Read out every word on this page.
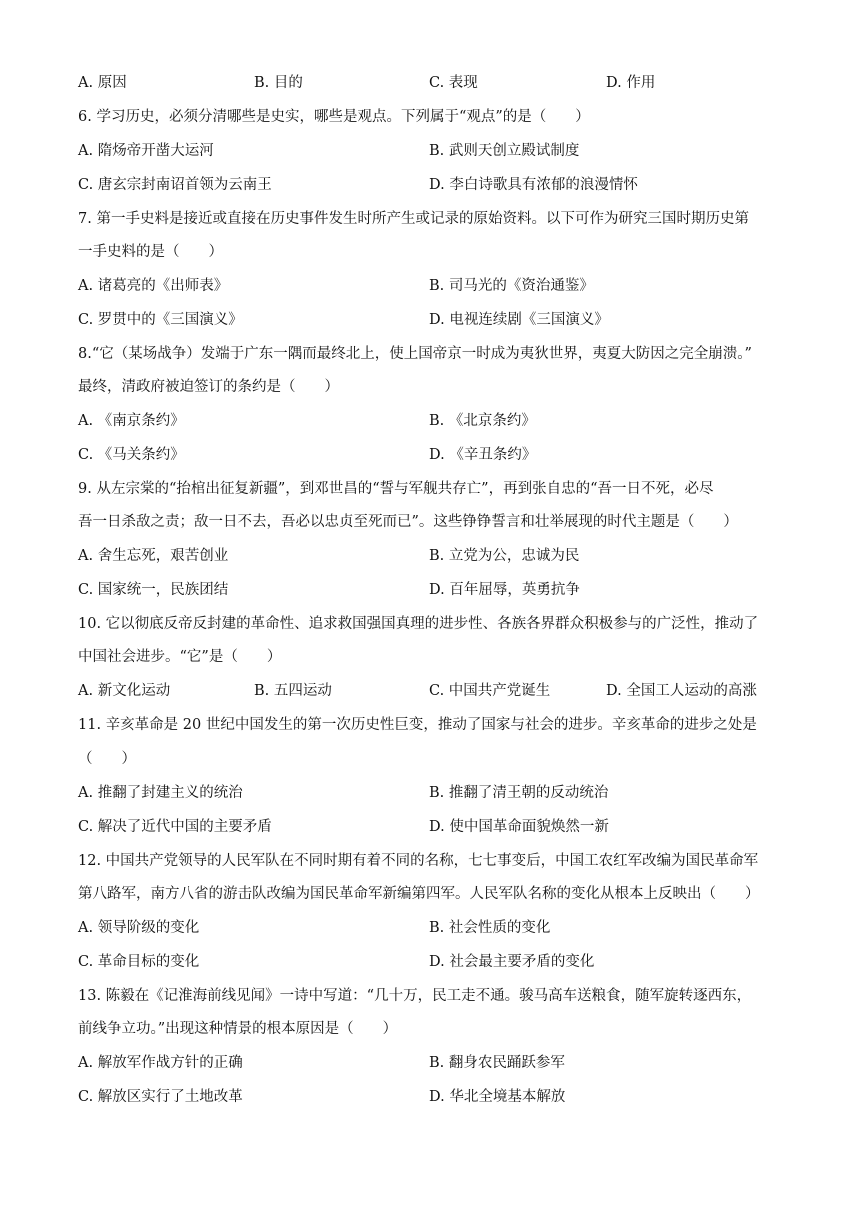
A. 原因	B. 目的	C. 表现	D. 作用
6. 学习历史，必须分清哪些是史实，哪些是观点。下列属于“观点”的是（　　）
A. 隋炀帝开凿大运河	B. 武则天创立殿试制度
C. 唐玄宗封南诏首领为云南王	D. 李白诗歌具有浓郁的浪漫情怀
7. 第一手史料是接近或直接在历史事件发生时所产生或记录的原始资料。以下可作为研究三国时期历史第
一手史料的是（　　）
A. 诸葛亮的《出师表》	B. 司马光的《资治通鉴》
C. 罗贯中的《三国演义》	D. 电视连续剧《三国演义》
8.“它（某场战争）发端于广东一隅而最终北上，使上国帝京一时成为夷狄世界，夷夏大防因之完全崩溃。”
最终，清政府被迫签订的条约是（　　）
A. 《南京条约》	B. 《北京条约》
C. 《马关条约》	D. 《辛丑条约》
9. 从左宗棠的“抬棺出征复新疆”，到邓世昌的“誓与军舰共存亡”，再到张自忠的“吾一日不死，必尽
吾一日杀敌之责；敌一日不去，吾必以忠贞至死而已”。这些铮铮誓言和壮举展现的时代主题是（　　）
A. 舍生忘死，艰苦创业	B. 立党为公，忠诚为民
C. 国家统一，民族团结	D. 百年屈辱，英勇抗争
10. 它以彻底反帝反封建的革命性、追求救国强国真理的进步性、各族各界群众积极参与的广泛性，推动了
中国社会进步。“它”是（　　）
A. 新文化运动	B. 五四运动	C. 中国共产党诞生	D. 全国工人运动的高涨
11. 辛亥革命是 20 世纪中国发生的第一次历史性巨变，推动了国家与社会的进步。辛亥革命的进步之处是
（　　）
A. 推翻了封建主义的统治	B. 推翻了清王朝的反动统治
C. 解决了近代中国的主要矛盾	D. 使中国革命面貌焕然一新
12. 中国共产党领导的人民军队在不同时期有着不同的名称，七七事变后，中国工农红军改编为国民革命军
第八路军，南方八省的游击队改编为国民革命军新编第四军。人民军队名称的变化从根本上反映出（　　）
A. 领导阶级的变化	B. 社会性质的变化
C. 革命目标的变化	D. 社会最主要矛盾的变化
13. 陈毅在《记淮海前线见闻》一诗中写道：“几十万，民工走不通。骏马高车送粮食，随军旋转逐西东，
前线争立功。”出现这种情景的根本原因是（　　）
A. 解放军作战方针的正确	B. 翻身农民踊跃参军
C. 解放区实行了土地改革	D. 华北全境基本解放
